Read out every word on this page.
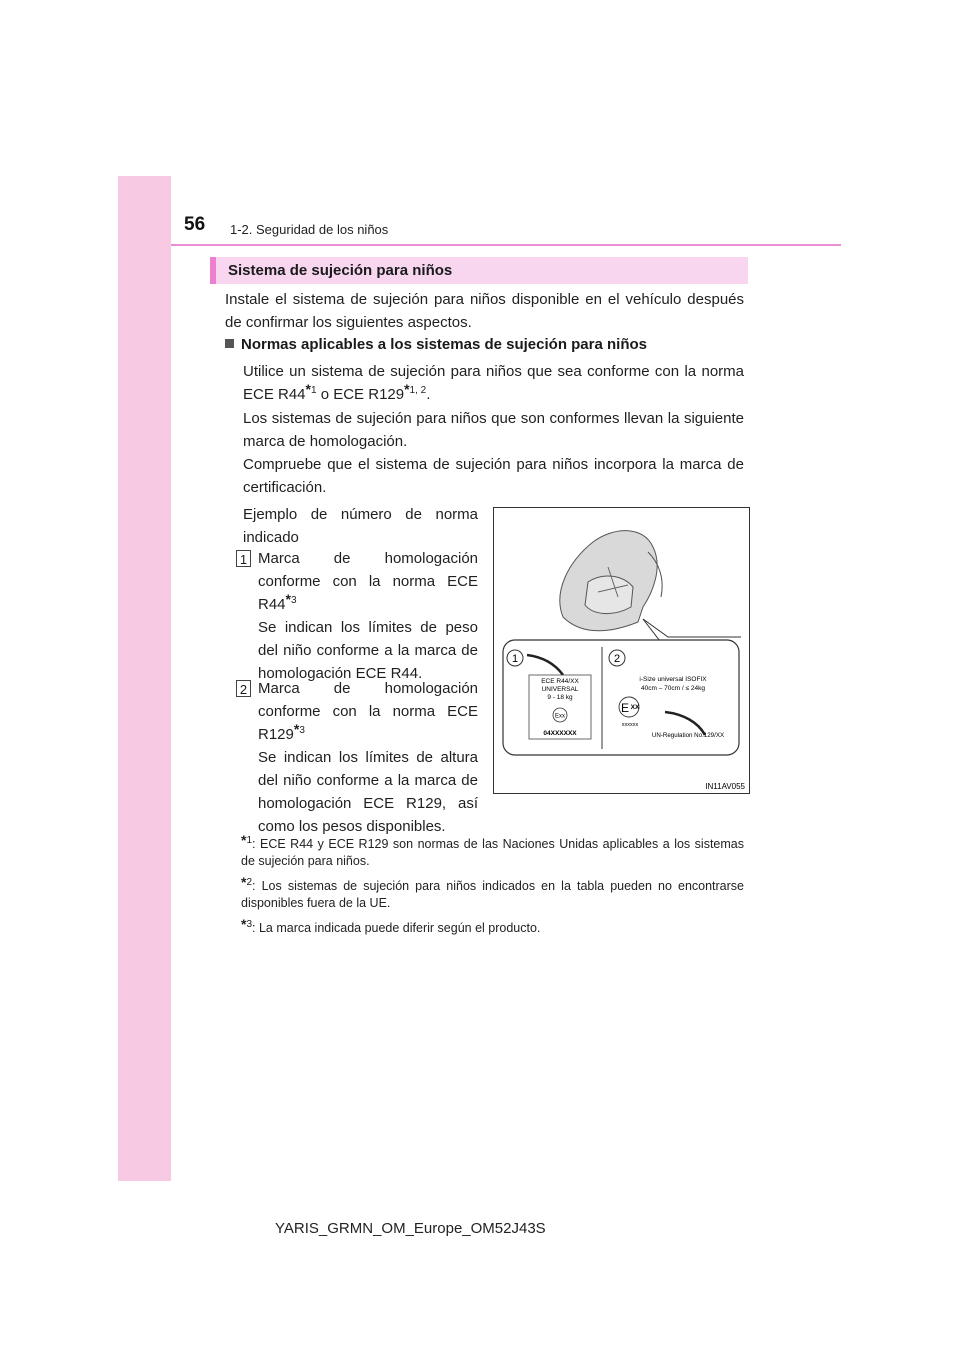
56 1-2. Seguridad de los niños
Sistema de sujeción para niños
Instale el sistema de sujeción para niños disponible en el vehículo después de confirmar los siguientes aspectos.
Normas aplicables a los sistemas de sujeción para niños
Utilice un sistema de sujeción para niños que sea conforme con la norma ECE R44*$^1$ o ECE R129*$^{1, 2}$.
Los sistemas de sujeción para niños que son conformes llevan la siguiente marca de homologación.
Compruebe que el sistema de sujeción para niños incorpora la marca de certificación.
Ejemplo de número de norma indicado
1 Marca de homologación conforme con la norma ECE R44*$^3$
Se indican los límites de peso del niño conforme a la marca de homologación ECE R44.
2 Marca de homologación conforme con la norma ECE R129*$^3$
Se indican los límites de altura del niño conforme a la marca de homologación ECE R129, así como los pesos disponibles.
1	2
ECE R44/XX
UNIVERSAL
9 - 18 kg
Exx
04XXXXXX
i-Size universal ISOFIX
40cm – 70cm / ≤ 24kg
E XX
xxxxxx
UN-Regulation No.129/XX
IN11AV055
*$^1$: ECE R44 y ECE R129 son normas de las Naciones Unidas aplicables a los sistemas de sujeción para niños.
*$^2$: Los sistemas de sujeción para niños indicados en la tabla pueden no encontrarse disponibles fuera de la UE.
*$^3$: La marca indicada puede diferir según el producto.
YARIS_GRMN_OM_Europe_OM52J43S
